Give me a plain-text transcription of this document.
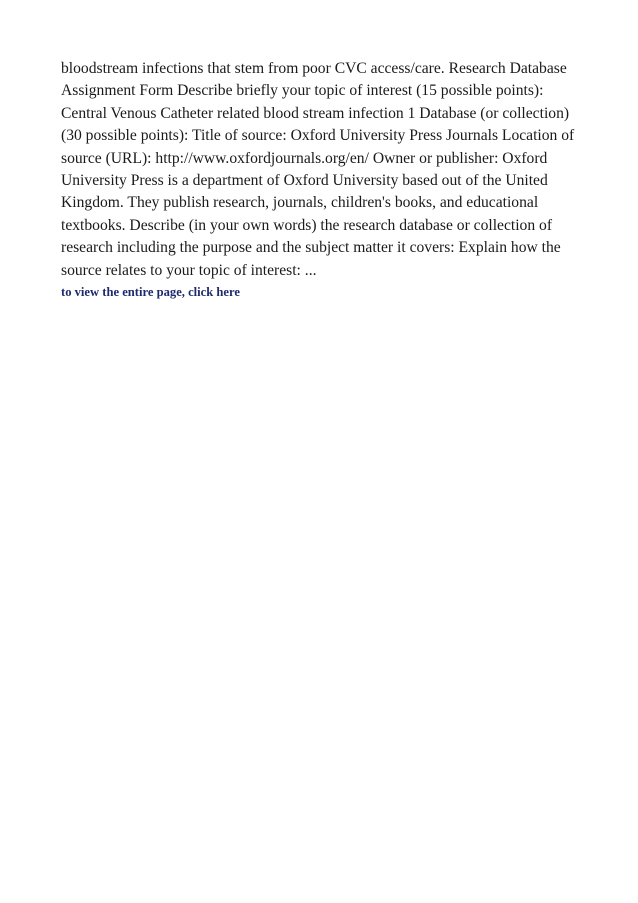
bloodstream infections that stem from poor CVC access/care. Research Database Assignment Form Describe briefly your topic of interest (15 possible points): Central Venous Catheter related blood stream infection 1 Database (or collection) (30 possible points): Title of source: Oxford University Press Journals Location of source (URL): http://www.oxfordjournals.org/en/ Owner or publisher: Oxford University Press is a department of Oxford University based out of the United Kingdom. They publish research, journals, children's books, and educational textbooks. Describe (in your own words) the research database or collection of research including the purpose and the subject matter it covers: Explain how the source relates to your topic of interest: ...

to view the entire page, click here
